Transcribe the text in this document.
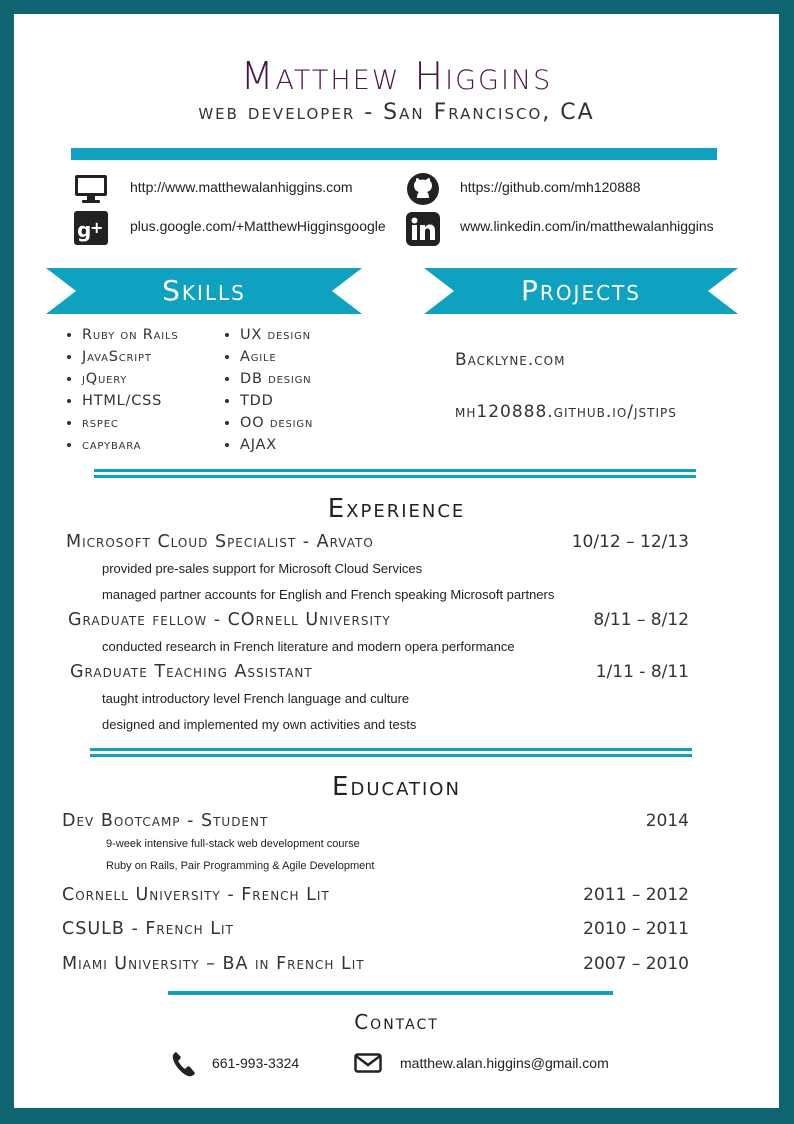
Matthew Higgins
web developer - San Francisco, CA
http://www.matthewalanhiggins.com	https://github.com/mh120888
g
+ plus.google.com/+MatthewHigginsgoogle	www.linkedin.com/in/matthewalanhiggins
Skills	Projects
• Ruby on Rails
• JavaScript
• jQuery
• HTML/CSS
• rspec
• capybara
• UX design
• Agile
• DB design
• TDD
• OO design
• AJAX
Backlyne.com
mh120888.github.io/jstips
Experience
Microsoft Cloud Specialist - Arvato	10/12 – 12/13
provided pre-sales support for Microsoft Cloud Services
managed partner accounts for English and French speaking Microsoft partners
Graduate fellow - COrnell University	8/11 – 8/12
conducted research in French literature and modern opera performance
Graduate Teaching Assistant	1/11 - 8/11
taught introductory level French language and culture
designed and implemented my own activities and tests
Education
Dev Bootcamp - Student	2014
9-week intensive full-stack web development course
Ruby on Rails, Pair Programming & Agile Development
Cornell University - French Lit	2011 – 2012
CSULB - French Lit	2010 – 2011
Miami University – BA in French Lit	2007 – 2010
Contact
661-993-3324	matthew.alan.higgins@gmail.com
